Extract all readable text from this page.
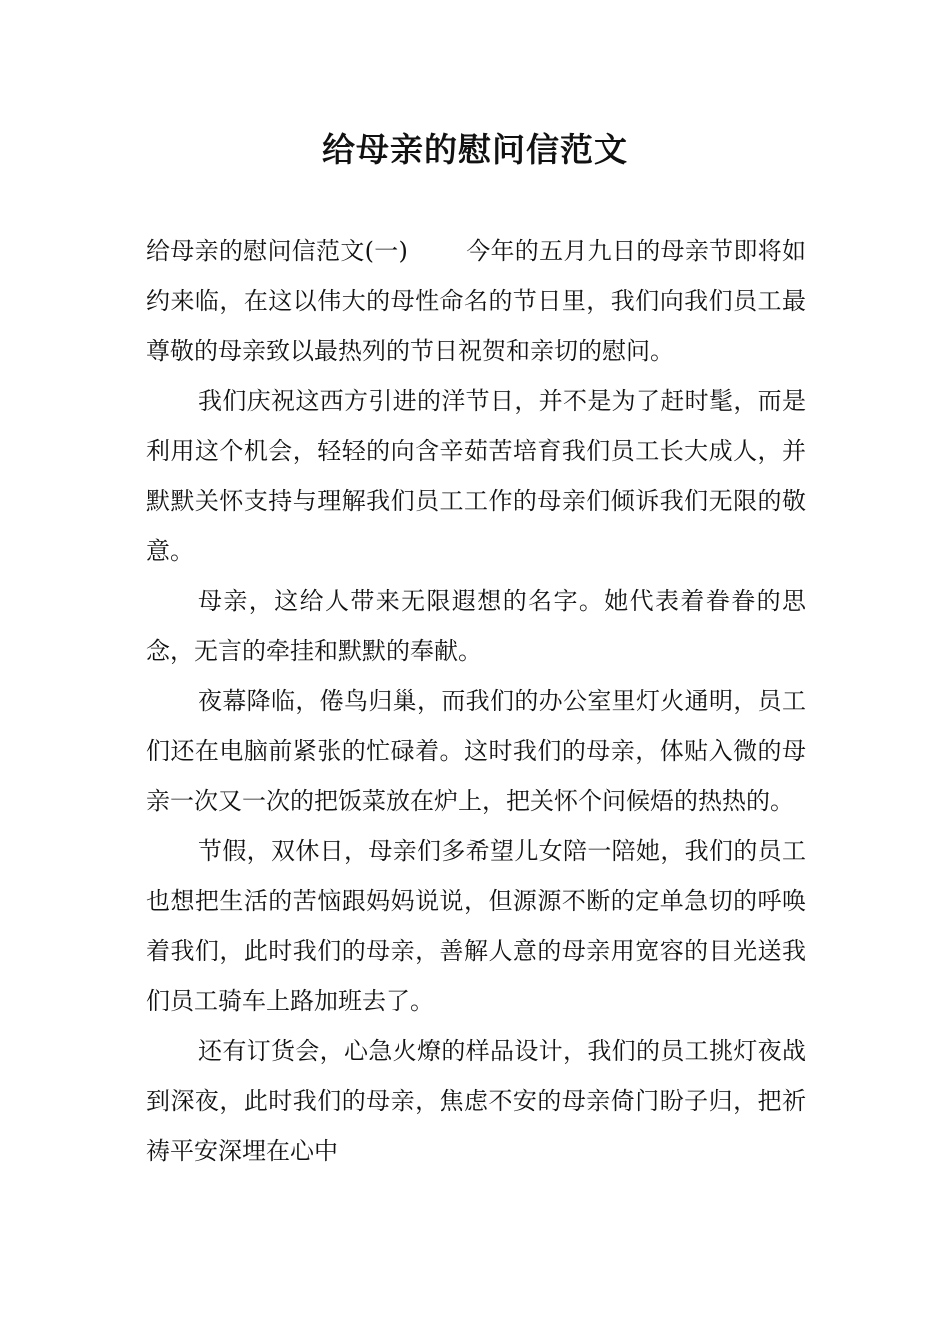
给母亲的慰问信范文

给母亲的慰问信范文(一) 今年的五月九日的母亲节即将如约来临，在这以伟大的母性命名的节日里，我们向我们员工最尊敬的母亲致以最热列的节日祝贺和亲切的慰问。

我们庆祝这西方引进的洋节日，并不是为了赶时髦，而是利用这个机会，轻轻的向含辛茹苦培育我们员工长大成人，并默默关怀支持与理解我们员工工作的母亲们倾诉我们无限的敬意。

母亲，这给人带来无限遐想的名字。她代表着眷眷的思念，无言的牵挂和默默的奉献。

夜幕降临，倦鸟归巢，而我们的办公室里灯火通明，员工们还在电脑前紧张的忙碌着。这时我们的母亲，体贴入微的母亲一次又一次的把饭菜放在炉上，把关怀个问候焐的热热的。

节假，双休日，母亲们多希望儿女陪一陪她，我们的员工也想把生活的苦恼跟妈妈说说，但源源不断的定单急切的呼唤着我们，此时我们的母亲，善解人意的母亲用宽容的目光送我们员工骑车上路加班去了。

还有订货会，心急火燎的样品设计，我们的员工挑灯夜战到深夜，此时我们的母亲，焦虑不安的母亲倚门盼子归，把祈祷平安深埋在心中
